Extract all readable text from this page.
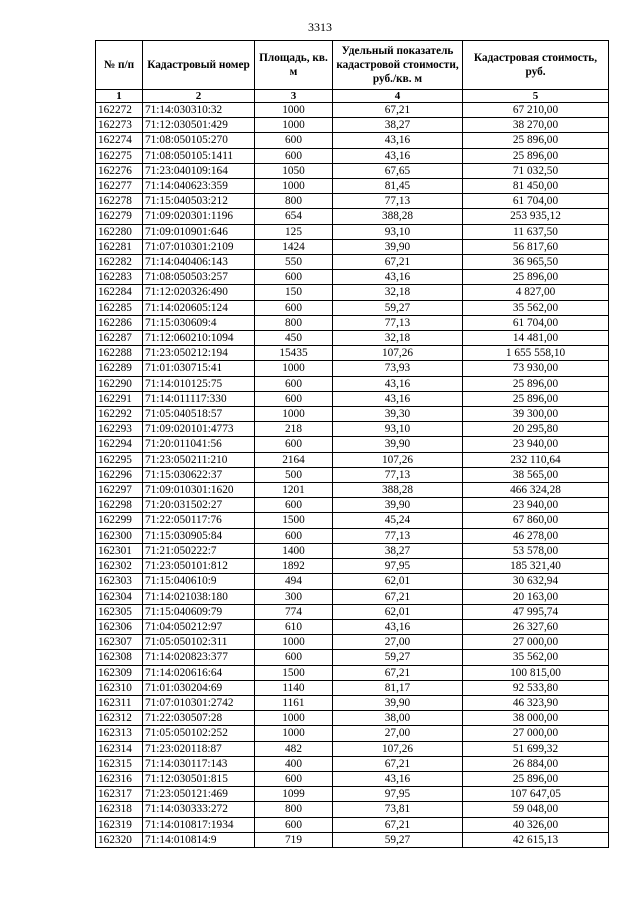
3313
№ п/п	Кадастровый номер	Площадь, кв. м	Удельный показатель кадастровой стоимости, руб./кв. м	Кадастровая стоимость, руб.
1	2	3	4	5
162272	71:14:030310:32	1000	67,21	67 210,00
162273	71:12:030501:429	1000	38,27	38 270,00
162274	71:08:050105:270	600	43,16	25 896,00
162275	71:08:050105:1411	600	43,16	25 896,00
162276	71:23:040109:164	1050	67,65	71 032,50
162277	71:14:040623:359	1000	81,45	81 450,00
162278	71:15:040503:212	800	77,13	61 704,00
162279	71:09:020301:1196	654	388,28	253 935,12
162280	71:09:010901:646	125	93,10	11 637,50
162281	71:07:010301:2109	1424	39,90	56 817,60
162282	71:14:040406:143	550	67,21	36 965,50
162283	71:08:050503:257	600	43,16	25 896,00
162284	71:12:020326:490	150	32,18	4 827,00
162285	71:14:020605:124	600	59,27	35 562,00
162286	71:15:030609:4	800	77,13	61 704,00
162287	71:12:060210:1094	450	32,18	14 481,00
162288	71:23:050212:194	15435	107,26	1 655 558,10
162289	71:01:030715:41	1000	73,93	73 930,00
162290	71:14:010125:75	600	43,16	25 896,00
162291	71:14:011117:330	600	43,16	25 896,00
162292	71:05:040518:57	1000	39,30	39 300,00
162293	71:09:020101:4773	218	93,10	20 295,80
162294	71:20:011041:56	600	39,90	23 940,00
162295	71:23:050211:210	2164	107,26	232 110,64
162296	71:15:030622:37	500	77,13	38 565,00
162297	71:09:010301:1620	1201	388,28	466 324,28
162298	71:20:031502:27	600	39,90	23 940,00
162299	71:22:050117:76	1500	45,24	67 860,00
162300	71:15:030905:84	600	77,13	46 278,00
162301	71:21:050222:7	1400	38,27	53 578,00
162302	71:23:050101:812	1892	97,95	185 321,40
162303	71:15:040610:9	494	62,01	30 632,94
162304	71:14:021038:180	300	67,21	20 163,00
162305	71:15:040609:79	774	62,01	47 995,74
162306	71:04:050212:97	610	43,16	26 327,60
162307	71:05:050102:311	1000	27,00	27 000,00
162308	71:14:020823:377	600	59,27	35 562,00
162309	71:14:020616:64	1500	67,21	100 815,00
162310	71:01:030204:69	1140	81,17	92 533,80
162311	71:07:010301:2742	1161	39,90	46 323,90
162312	71:22:030507:28	1000	38,00	38 000,00
162313	71:05:050102:252	1000	27,00	27 000,00
162314	71:23:020118:87	482	107,26	51 699,32
162315	71:14:030117:143	400	67,21	26 884,00
162316	71:12:030501:815	600	43,16	25 896,00
162317	71:23:050121:469	1099	97,95	107 647,05
162318	71:14:030333:272	800	73,81	59 048,00
162319	71:14:010817:1934	600	67,21	40 326,00
162320	71:14:010814:9	719	59,27	42 615,13
